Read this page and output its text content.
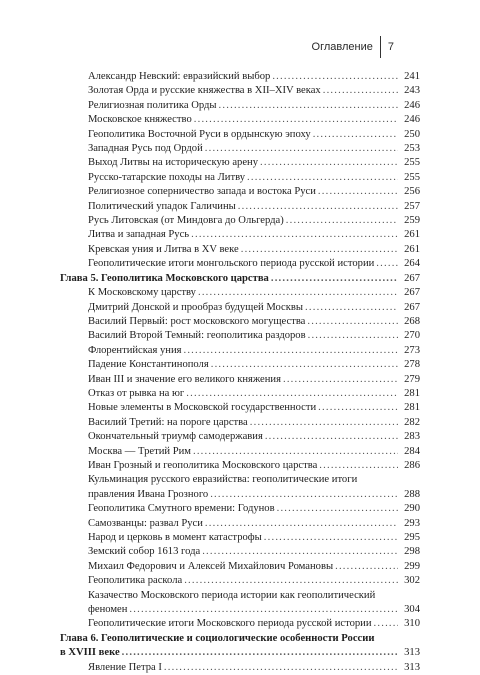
Оглавление 7
Александр Невский: евразийский выбор .....	241
Золотая Орда и русские княжества в XII–XIV веках .....	243
Религиозная политика Орды .....	246
Московское княжество .....	246
Геополитика Восточной Руси в ордынскую эпоху .....	250
Западная Русь под Ордой .....	253
Выход Литвы на историческую арену .....	255
Русско-татарские походы на Литву .....	255
Религиозное соперничество запада и востока Руси .....	256
Политический упадок Галичины .....	257
Русь Литовская (от Миндовга до Ольгерда) .....	259
Литва и западная Русь .....	261
Кревская уния и Литва в XV веке .....	261
Геополитические итоги монгольского периода русской истории .....	264
Глава 5. Геополитика Московского царства .....	267
К Московскому царству .....	267
Дмитрий Донской и прообраз будущей Москвы .....	267
Василий Первый: рост московского могущества .....	268
Василий Второй Темный: геополитика раздоров .....	270
Флорентийская уния .....	273
Падение Константинополя .....	278
Иван III и значение его великого княжения .....	279
Отказ от рывка на юг .....	281
Новые элементы в Московской государственности .....	281
Василий Третий: на пороге царства .....	282
Окончательный триумф самодержавия .....	283
Москва — Третий Рим .....	284
Иван Грозный и геополитика Московского царства .....	286
Кульминация русского евразийства: геополитические итоги
правления Ивана Грозного .....	288
Геополитика Смутного времени: Годунов .....	290
Самозванцы: развал Руси .....	293
Народ и церковь в момент катастрофы .....	295
Земский собор 1613 года .....	298
Михаил Федорович и Алексей Михайлович Романовы .....	299
Геополитика раскола .....	302
Казачество Московского периода истории как геополитический
феномен .....	304
Геополитические итоги Московского периода русской истории .....	310
Глава 6. Геополитические и социологические особенности России
в XVIII веке .....	313
Явление Петра I .....	313
